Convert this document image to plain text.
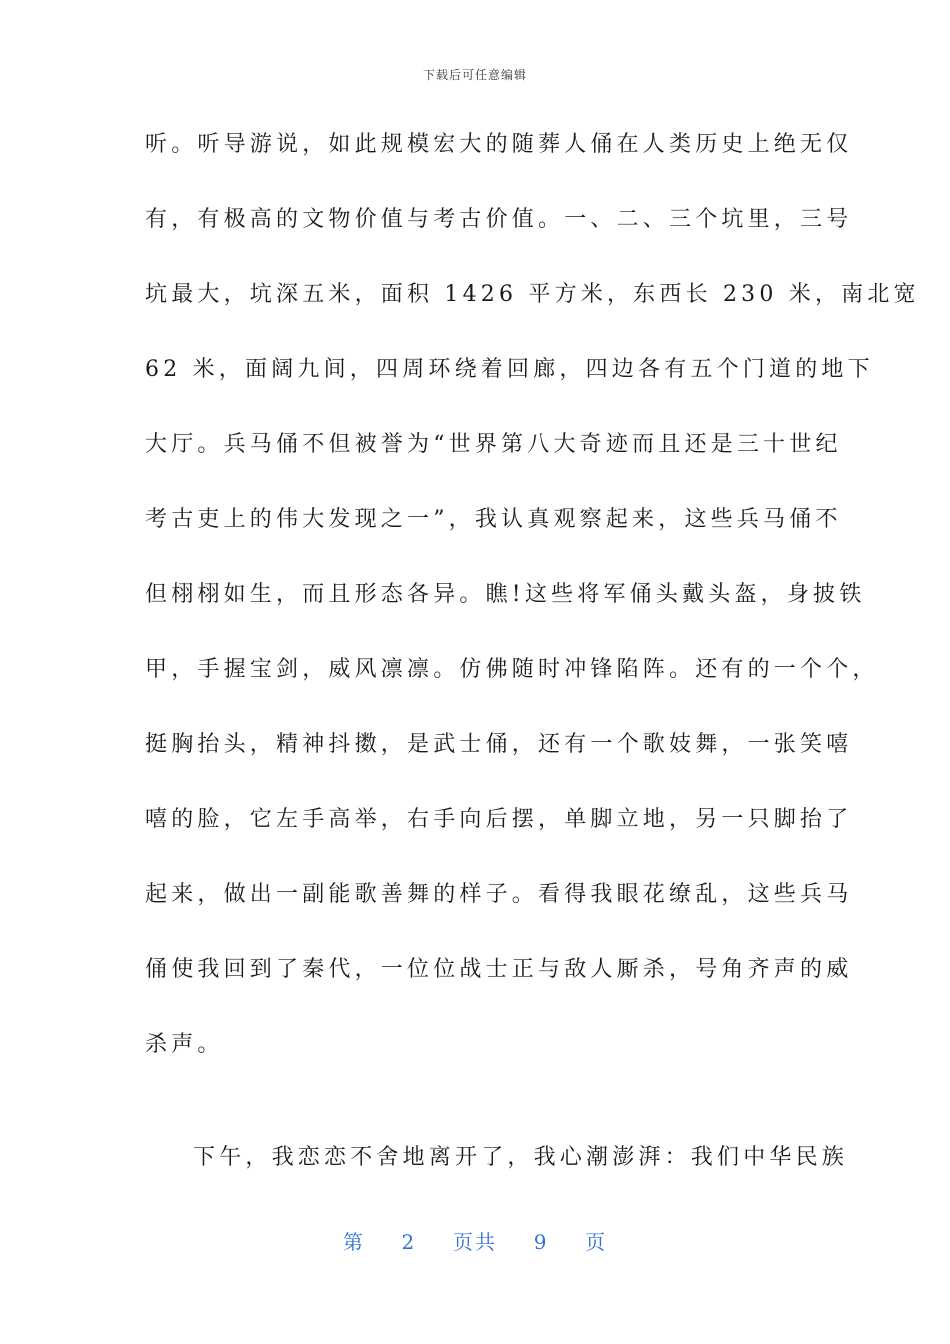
下载后可任意编辑
听。听导游说，如此规模宏大的随葬人俑在人类历史上绝无仅
有，有极高的文物价值与考古价值。一、二、三个坑里，三号
坑最大，坑深五米，面积 1426 平方米，东西长 230 米，南北宽
62 米，面阔九间，四周环绕着回廊，四边各有五个门道的地下
大厅。兵马俑不但被誉为“世界第八大奇迹而且还是三十世纪
考古吏上的伟大发现之一”，我认真观察起来，这些兵马俑不
但栩栩如生，而且形态各异。瞧!这些将军俑头戴头盔，身披铁
甲，手握宝剑，威风凛凛。仿佛随时冲锋陷阵。还有的一个个，
挺胸抬头，精神抖擞，是武士俑，还有一个歌妓舞，一张笑嘻
嘻的脸，它左手高举，右手向后摆，单脚立地，另一只脚抬了
起来，做出一副能歌善舞的样子。看得我眼花缭乱，这些兵马
俑使我回到了秦代，一位位战士正与敌人厮杀，号角齐声的威
杀声。
下午，我恋恋不舍地离开了，我心潮澎湃：我们中华民族
第 2 页共 9 页
